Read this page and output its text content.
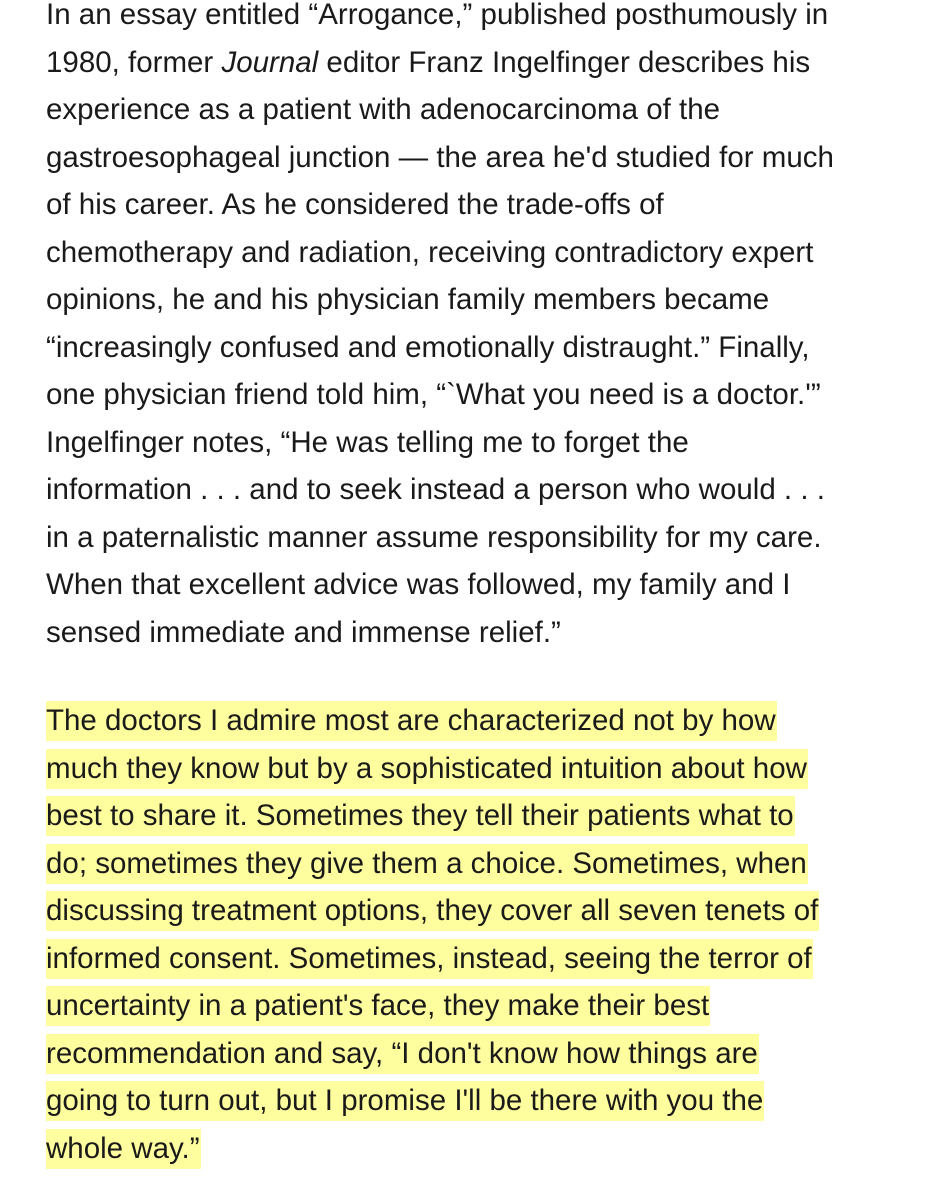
In an essay entitled “Arrogance,” published posthumously in
1980, former Journal editor Franz Ingelfinger describes his
experience as a patient with adenocarcinoma of the
gastroesophageal junction — the area he'd studied for much
of his career. As he considered the trade-offs of
chemotherapy and radiation, receiving contradictory expert
opinions, he and his physician family members became
“increasingly confused and emotionally distraught.” Finally,
one physician friend told him, “`What you need is a doctor.'”
Ingelfinger notes, “He was telling me to forget the
information . . . and to seek instead a person who would . . .
in a paternalistic manner assume responsibility for my care.
When that excellent advice was followed, my family and I
sensed immediate and immense relief.”
The doctors I admire most are characterized not by how
much they know but by a sophisticated intuition about how
best to share it. Sometimes they tell their patients what to
do; sometimes they give them a choice. Sometimes, when
discussing treatment options, they cover all seven tenets of
informed consent. Sometimes, instead, seeing the terror of
uncertainty in a patient's face, they make their best
recommendation and say, “I don't know how things are
going to turn out, but I promise I'll be there with you the
whole way.”
